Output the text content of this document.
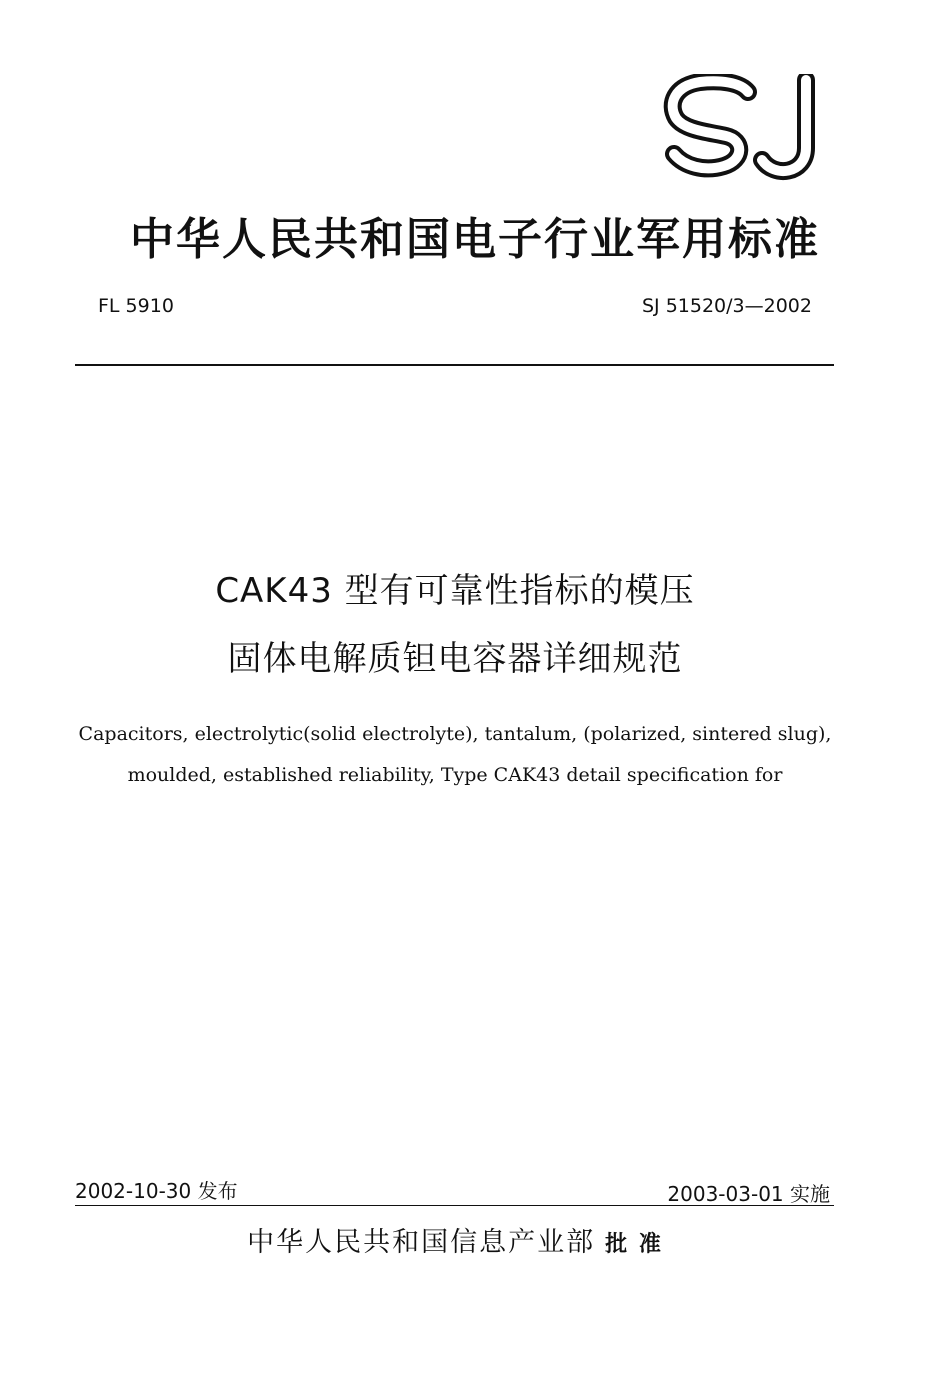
中华人民共和国电子行业军用标准
FL 5910	SJ 51520/3—2002
CAK43 型有可靠性指标的模压
固体电解质钽电容器详细规范
Capacitors, electrolytic(solid electrolyte), tantalum, (polarized, sintered slug),
moulded, established reliability, Type CAK43 detail specification for
2002-10-30 发布	2003-03-01 实施
中华人民共和国信息产业部 批 准
